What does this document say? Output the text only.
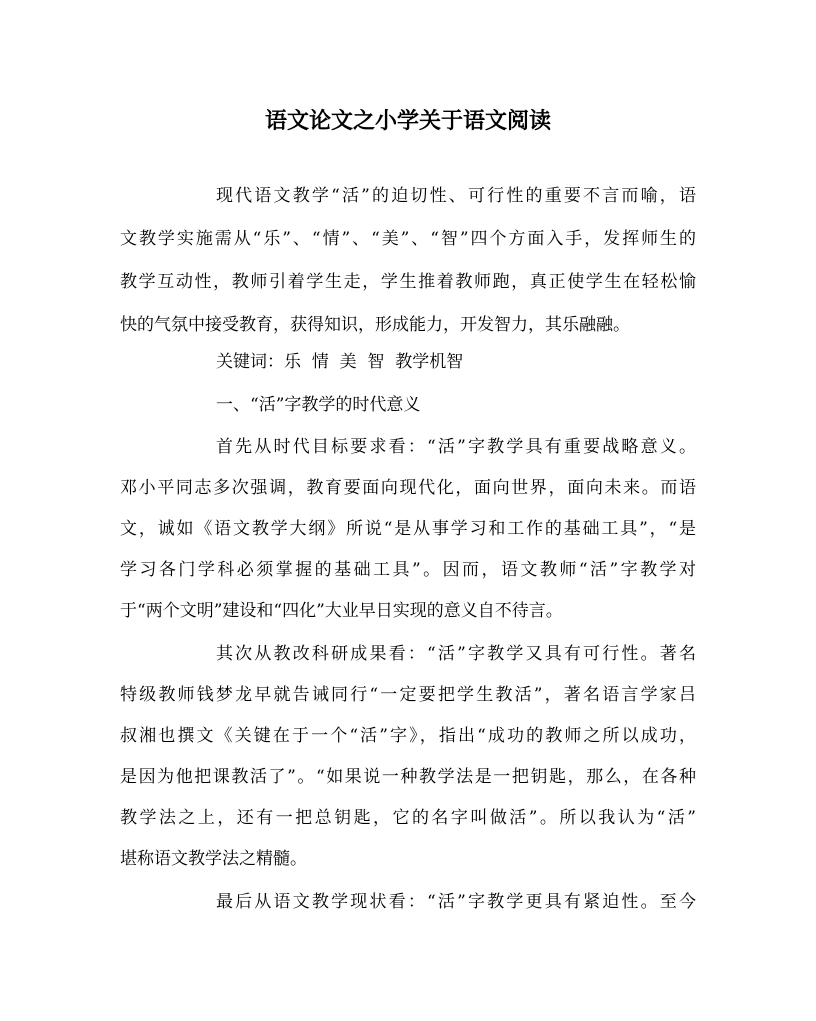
语文论文之小学关于语文阅读
现代语文教学“活”的迫切性、可行性的重要不言而喻，语
文教学实施需从“乐”、“情”、“美”、“智”四个方面入手，发挥师生的
教学互动性，教师引着学生走，学生推着教师跑，真正使学生在轻松愉
快的气氛中接受教育，获得知识，形成能力，开发智力，其乐融融。
关键词：乐  情  美  智  教学机智
一、“活”字教学的时代意义
首先从时代目标要求看：“活”字教学具有重要战略意义。
邓小平同志多次强调，教育要面向现代化，面向世界，面向未来。而语
文，诚如《语文教学大纲》所说“是从事学习和工作的基础工具”，“是
学习各门学科必须掌握的基础工具”。因而，语文教师“活”字教学对
于“两个文明”建设和“四化”大业早日实现的意义自不待言。
其次从教改科研成果看：“活”字教学又具有可行性。著名
特级教师钱梦龙早就告诫同行“一定要把学生教活”，著名语言学家吕
叔湘也撰文《关键在于一个“活”字》，指出“成功的教师之所以成功，
是因为他把课教活了”。“如果说一种教学法是一把钥匙，那么，在各种
教学法之上，还有一把总钥匙，它的名字叫做活”。所以我认为“活”
堪称语文教学法之精髓。
最后从语文教学现状看：“活”字教学更具有紧迫性。至今
